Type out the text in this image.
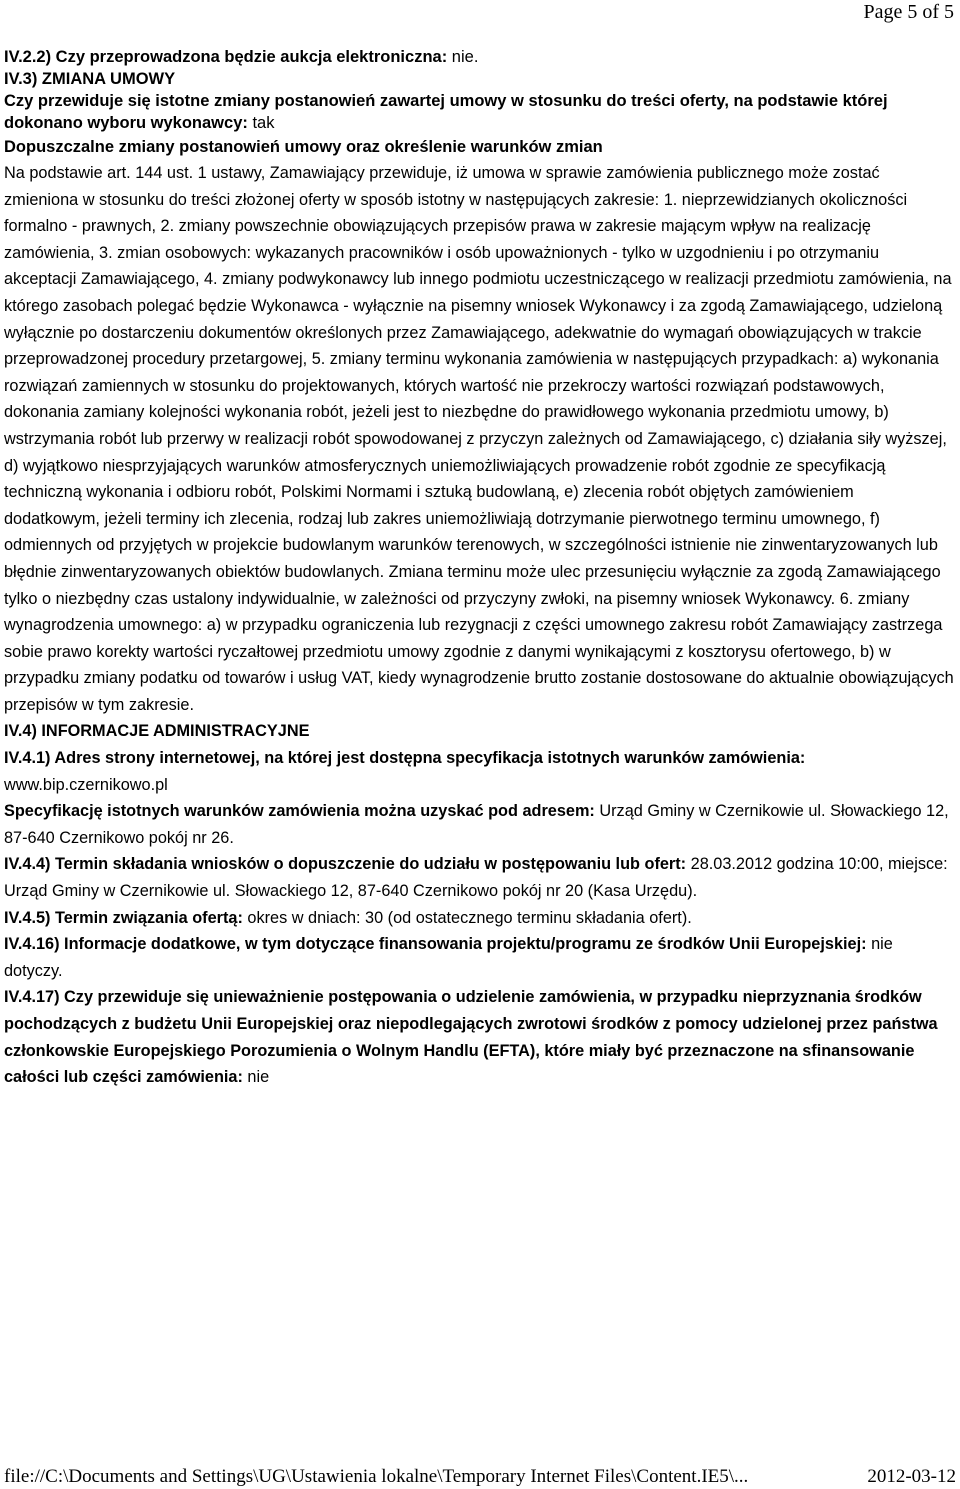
Page 5 of 5
IV.2.2) Czy przeprowadzona będzie aukcja elektroniczna: nie.
IV.3) ZMIANA UMOWY
Czy przewiduje się istotne zmiany postanowień zawartej umowy w stosunku do treści oferty, na podstawie której dokonano wyboru wykonawcy: tak
Dopuszczalne zmiany postanowień umowy oraz określenie warunków zmian

Na podstawie art. 144 ust. 1 ustawy, Zamawiający przewiduje, iż umowa w sprawie zamówienia publicznego może zostać zmieniona w stosunku do treści złożonej oferty w sposób istotny w następujących zakresie: 1. nieprzewidzianych okoliczności formalno - prawnych, 2. zmiany powszechnie obowiązujących przepisów prawa w zakresie mającym wpływ na realizację zamówienia, 3. zmian osobowych: wykazanych pracowników i osób upoważnionych - tylko w uzgodnieniu i po otrzymaniu akceptacji Zamawiającego, 4. zmiany podwykonawcy lub innego podmiotu uczestniczącego w realizacji przedmiotu zamówienia, na którego zasobach polegać będzie Wykonawca - wyłącznie na pisemny wniosek Wykonawcy i za zgodą Zamawiającego, udzieloną wyłącznie po dostarczeniu dokumentów określonych przez Zamawiającego, adekwatnie do wymagań obowiązujących w trakcie przeprowadzonej procedury przetargowej, 5. zmiany terminu wykonania zamówienia w następujących przypadkach: a) wykonania rozwiązań zamiennych w stosunku do projektowanych, których wartość nie przekroczy wartości rozwiązań podstawowych, dokonania zamiany kolejności wykonania robót, jeżeli jest to niezbędne do prawidłowego wykonania przedmiotu umowy, b) wstrzymania robót lub przerwy w realizacji robót spowodowanej z przyczyn zależnych od Zamawiającego, c) działania siły wyższej, d) wyjątkowo niesprzyjających warunków atmosferycznych uniemożliwiających prowadzenie robót zgodnie ze specyfikacją techniczną wykonania i odbioru robót, Polskimi Normami i sztuką budowlaną, e) zlecenia robót objętych zamówieniem dodatkowym, jeżeli terminy ich zlecenia, rodzaj lub zakres uniemożliwiają dotrzymanie pierwotnego terminu umownego, f) odmiennych od przyjętych w projekcie budowlanym warunków terenowych, w szczególności istnienie nie zinwentaryzowanych lub błędnie zinwentaryzowanych obiektów budowlanych. Zmiana terminu może ulec przesunięciu wyłącznie za zgodą Zamawiającego tylko o niezbędny czas ustalony indywidualnie, w zależności od przyczyny zwłoki, na pisemny wniosek Wykonawcy. 6. zmiany wynagrodzenia umownego: a) w przypadku ograniczenia lub rezygnacji z części umownego zakresu robót Zamawiający zastrzega sobie prawo korekty wartości ryczałtowej przedmiotu umowy zgodnie z danymi wynikającymi z kosztorysu ofertowego, b) w przypadku zmiany podatku od towarów i usług VAT, kiedy wynagrodzenie brutto zostanie dostosowane do aktualnie obowiązujących przepisów w tym zakresie.

IV.4) INFORMACJE ADMINISTRACYJNE
IV.4.1) Adres strony internetowej, na której jest dostępna specyfikacja istotnych warunków zamówienia: www.bip.czernikowo.pl
Specyfikację istotnych warunków zamówienia można uzyskać pod adresem: Urząd Gminy w Czernikowie ul. Słowackiego 12, 87-640 Czernikowo pokój nr 26.
IV.4.4) Termin składania wniosków o dopuszczenie do udziału w postępowaniu lub ofert: 28.03.2012 godzina 10:00, miejsce: Urząd Gminy w Czernikowie ul. Słowackiego 12, 87-640 Czernikowo pokój nr 20 (Kasa Urzędu).
IV.4.5) Termin związania ofertą: okres w dniach: 30 (od ostatecznego terminu składania ofert).
IV.4.16) Informacje dodatkowe, w tym dotyczące finansowania projektu/programu ze środków Unii Europejskiej: nie dotyczy.
IV.4.17) Czy przewiduje się unieważnienie postępowania o udzielenie zamówienia, w przypadku nieprzyznania środków pochodzących z budżetu Unii Europejskiej oraz niepodlegających zwrotowi środków z pomocy udzielonej przez państwa członkowskie Europejskiego Porozumienia o Wolnym Handlu (EFTA), które miały być przeznaczone na sfinansowanie całości lub części zamówienia: nie
file://C:\Documents and Settings\UG\Ustawienia lokalne\Temporary Internet Files\Content.IE5\...	2012-03-12
